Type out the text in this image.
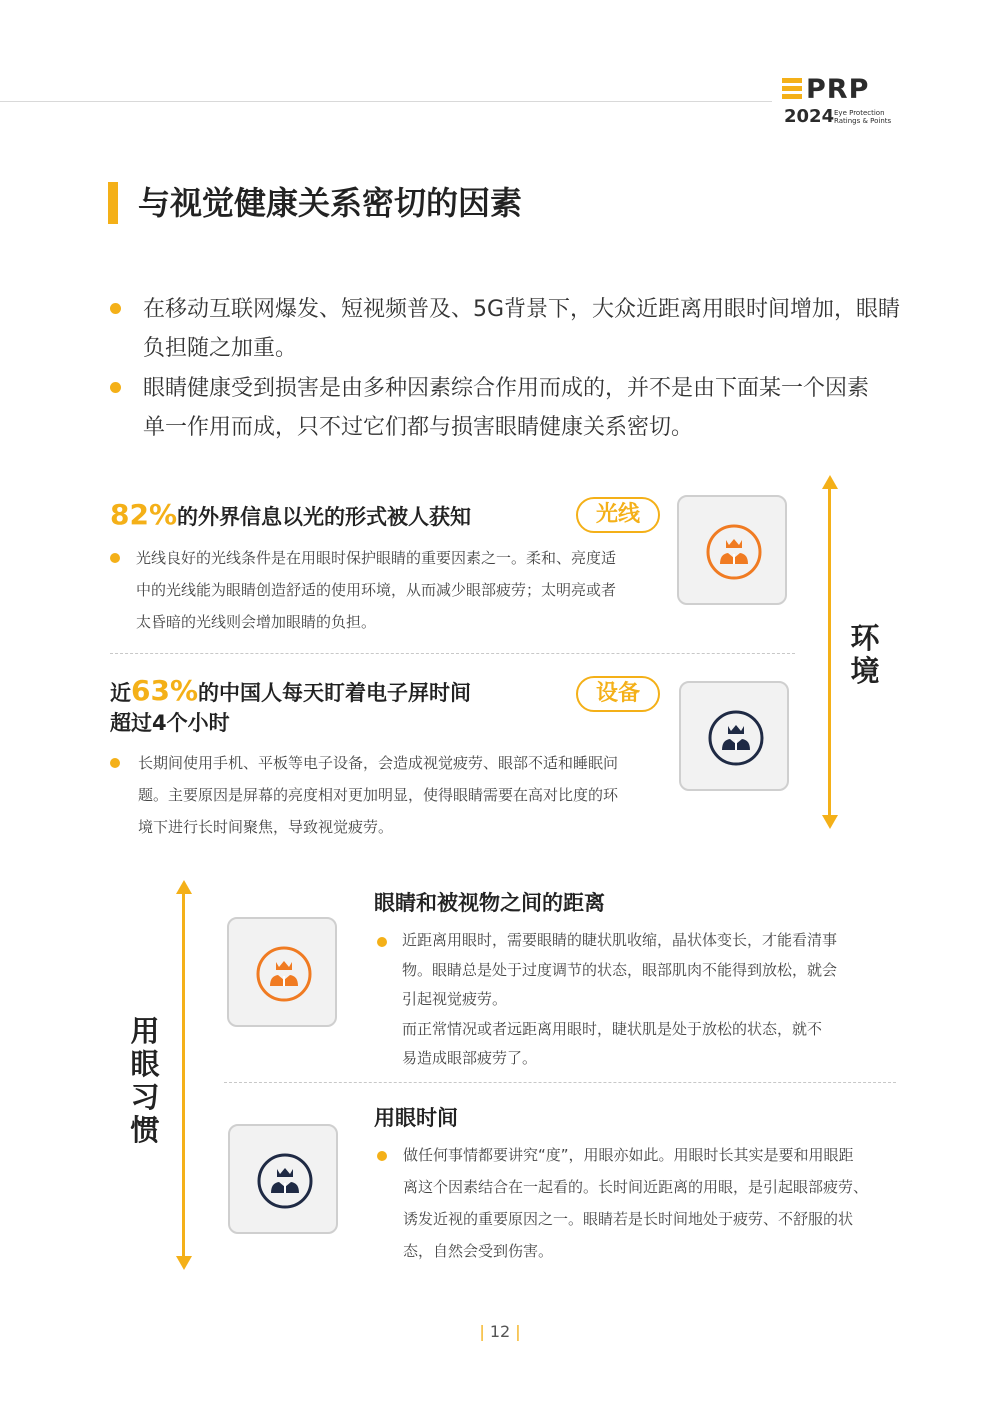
PRP
2024 Eye Protection
Ratings & Points
与视觉健康关系密切的因素
在移动互联网爆发、短视频普及、5G背景下，大众近距离用眼时间增加，眼睛
负担随之加重。
眼睛健康受到损害是由多种因素综合作用而成的，并不是由下面某一个因素
单一作用而成，只不过它们都与损害眼睛健康关系密切。
82%的外界信息以光的形式被人获知	光线
光线良好的光线条件是在用眼时保护眼睛的重要因素之一。柔和、亮度适
中的光线能为眼睛创造舒适的使用环境，从而减少眼部疲劳；太明亮或者
太昏暗的光线则会增加眼睛的负担。
近63%的中国人每天盯着电子屏时间
超过4个小时
设备
长期间使用手机、平板等电子设备，会造成视觉疲劳、眼部不适和睡眠问
题。主要原因是屏幕的亮度相对更加明显，使得眼睛需要在高对比度的环
境下进行长时间聚焦，导致视觉疲劳。
环境
用眼习惯
眼睛和被视物之间的距离
近距离用眼时，需要眼睛的睫状肌收缩，晶状体变长，才能看清事
物。眼睛总是处于过度调节的状态，眼部肌肉不能得到放松，就会
引起视觉疲劳。
而正常情况或者远距离用眼时，睫状肌是处于放松的状态，就不
易造成眼部疲劳了。
用眼时间
做任何事情都要讲究“度”，用眼亦如此。用眼时长其实是要和用眼距
离这个因素结合在一起看的。长时间近距离的用眼，是引起眼部疲劳、
诱发近视的重要原因之一。眼睛若是长时间地处于疲劳、不舒服的状
态，自然会受到伤害。
| 12 |
